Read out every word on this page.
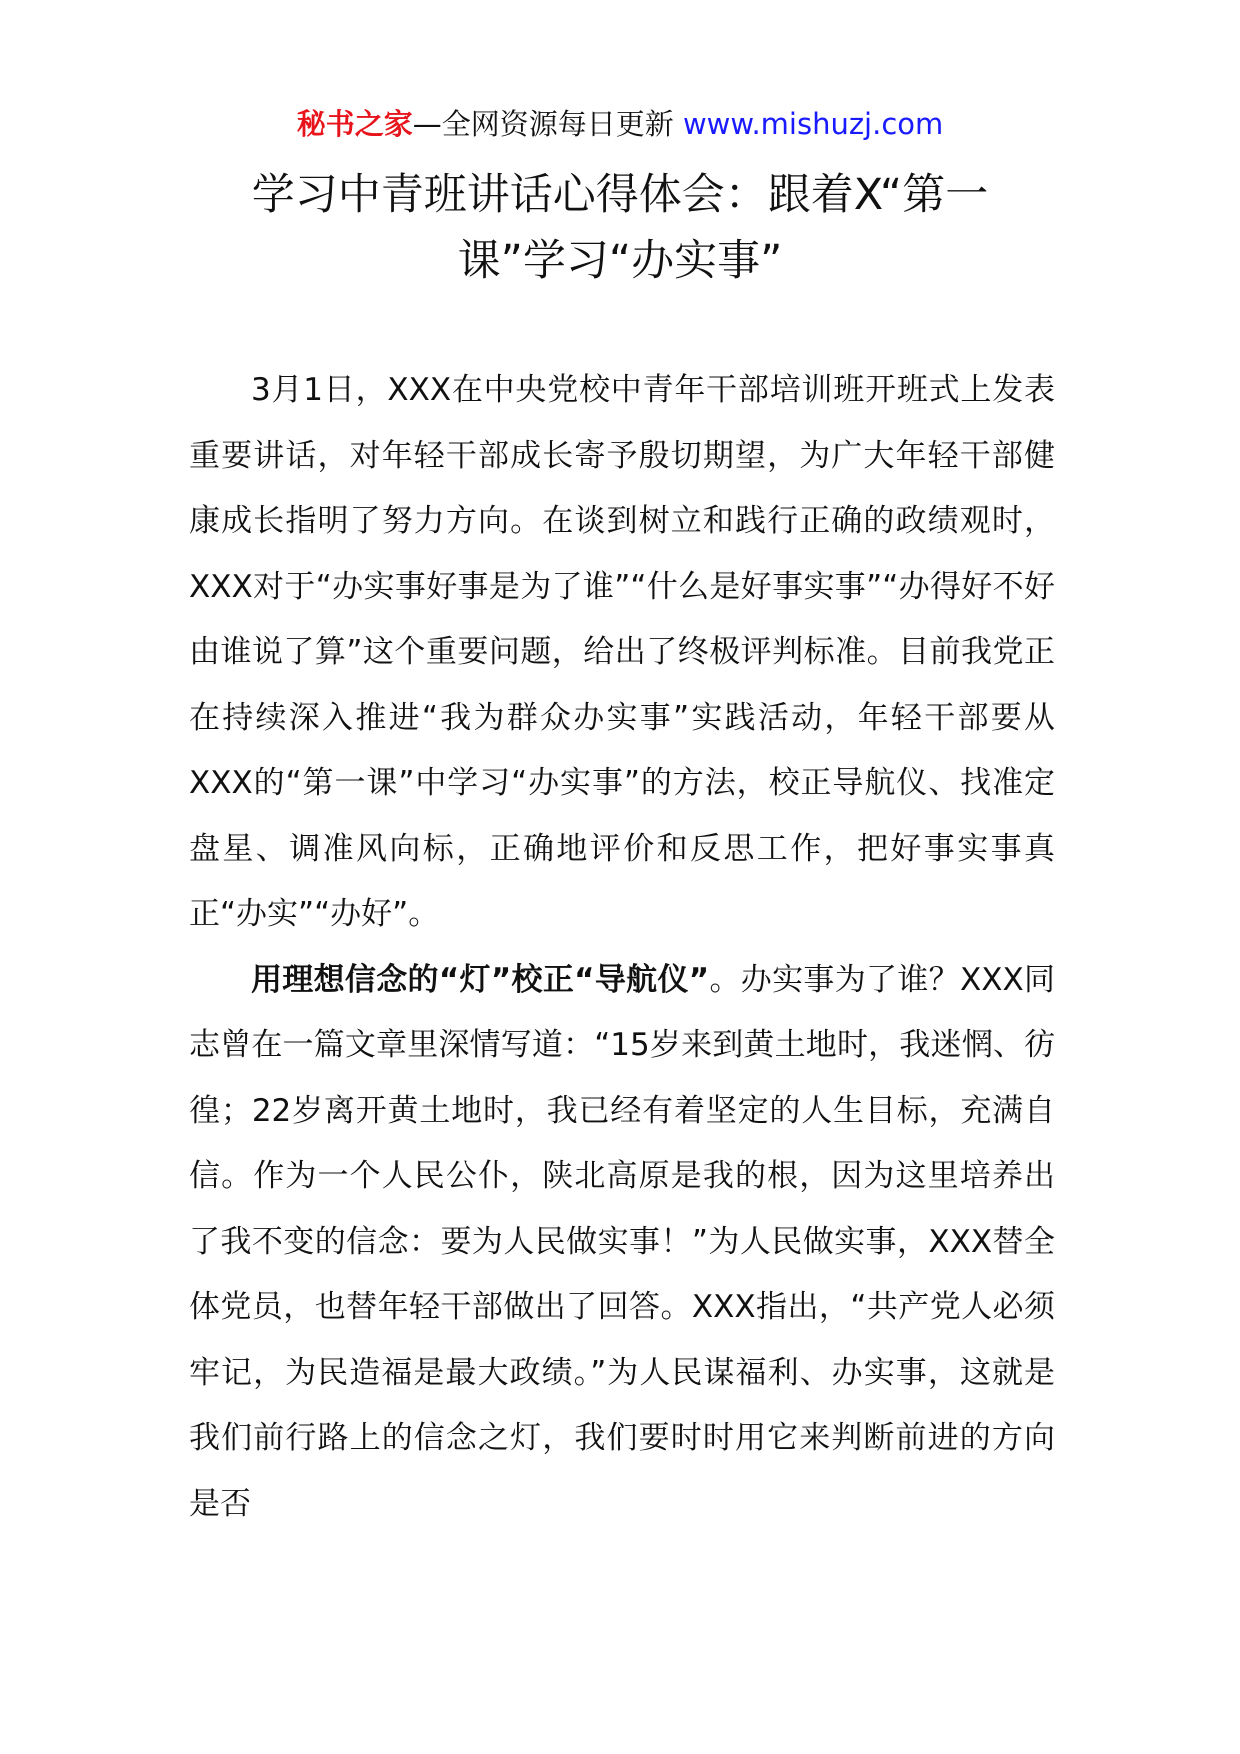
秘书之家—全网资源每日更新 www.mishuzj.com
学习中青班讲话心得体会：跟着X“第一
课”学习“办实事”

3月1日，XXX在中央党校中青年干部培训班开班式上发表重要讲话，对年轻干部成长寄予殷切期望，为广大年轻干部健康成长指明了努力方向。在谈到树立和践行正确的政绩观时，XXX对于“办实事好事是为了谁”“什么是好事实事”“办得好不好由谁说了算”这个重要问题，给出了终极评判标准。目前我党正在持续深入推进“我为群众办实事”实践活动，年轻干部要从XXX的“第一课”中学习“办实事”的方法，校正导航仪、找准定盘星、调准风向标，正确地评价和反思工作，把好事实事真正“办实”“办好”。

用理想信念的“灯”校正“导航仪”。办实事为了谁？XXX同志曾在一篇文章里深情写道：“15岁来到黄土地时，我迷惘、彷徨；22岁离开黄土地时，我已经有着坚定的人生目标，充满自信。作为一个人民公仆，陕北高原是我的根，因为这里培养出了我不变的信念：要为人民做实事！”为人民做实事，XXX替全体党员，也替年轻干部做出了回答。XXX指出，“共产党人必须牢记，为民造福是最大政绩。”为人民谋福利、办实事，这就是我们前行路上的信念之灯，我们要时时用它来判断前进的方向是否
